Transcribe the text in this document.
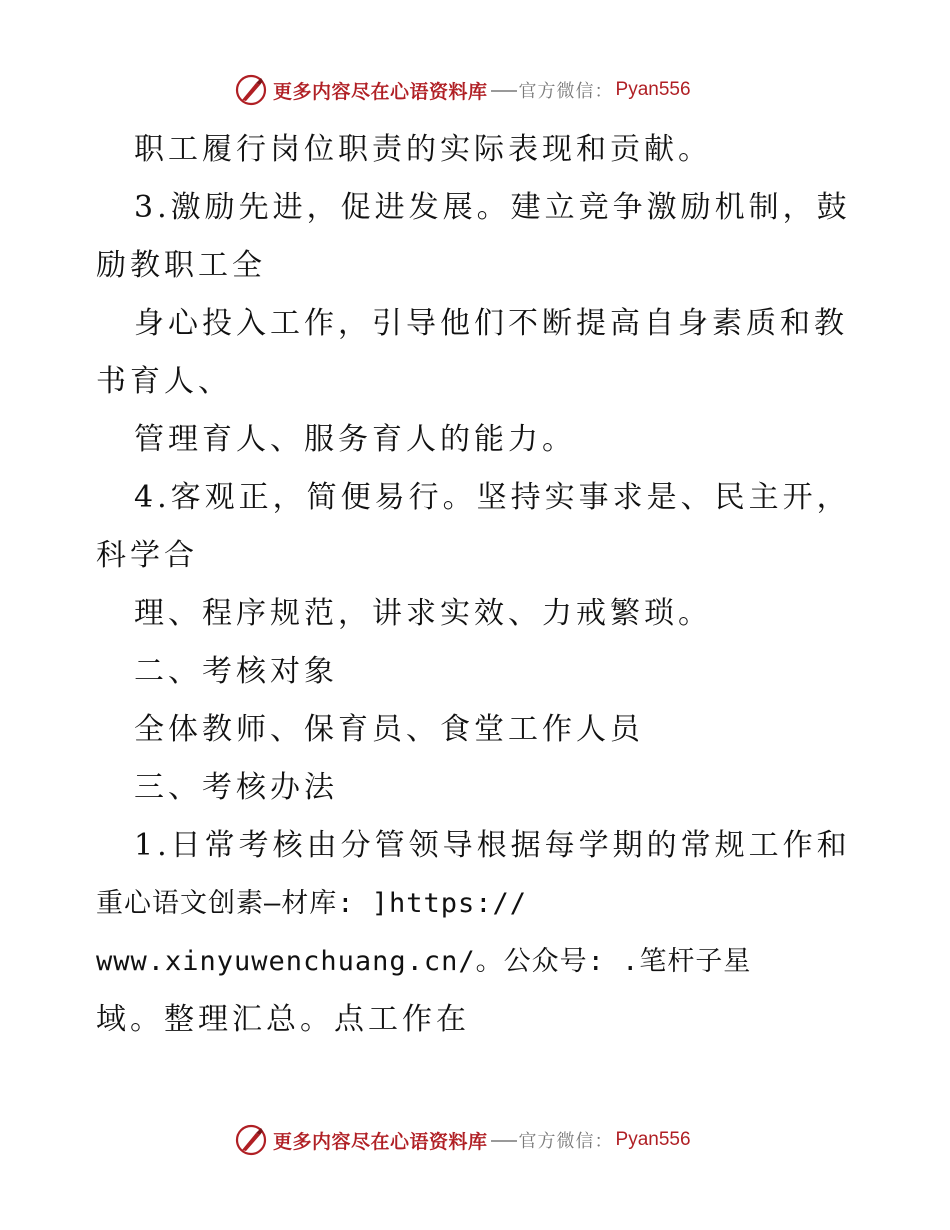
更多内容尽在心语资料库 官方微信： Pyan556
职工履行岗位职责的实际表现和贡献。
3.激励先进，促进发展。建立竞争激励机制，鼓
励教职工全
身心投入工作，引导他们不断提高自身素质和教
书育人、
管理育人、服务育人的能力。
4.客观正，简便易行。坚持实事求是、民主开，
科学合
理、程序规范，讲求实效、力戒繁琐。
二、考核对象
全体教师、保育员、食堂工作人员
三、考核办法
1.日常考核由分管领导根据每学期的常规工作和
重心语文创素—材库: ]https://
www.xinyuwenchuang.cn/。公众号: .笔杆子星
域。整理汇总。点工作在
更多内容尽在心语资料库 官方微信： Pyan556
